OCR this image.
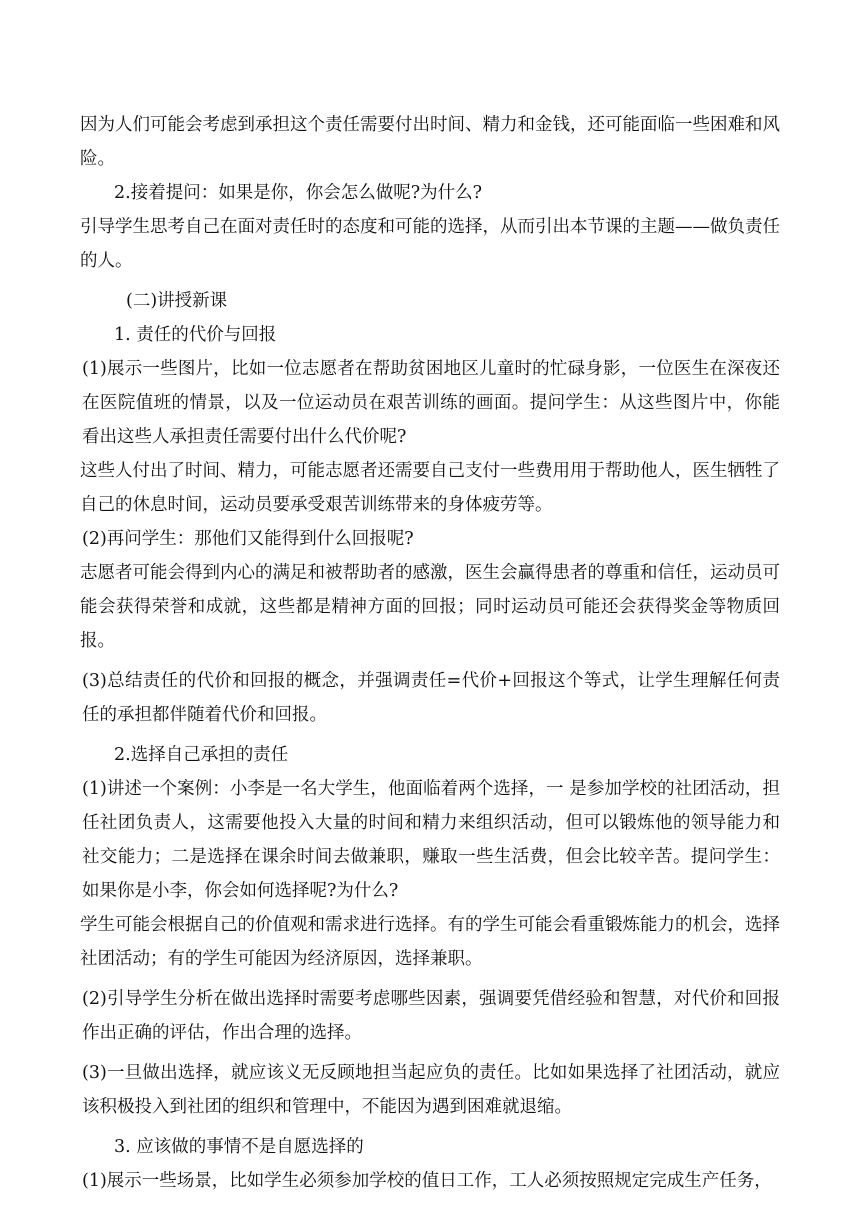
因为人们可能会考虑到承担这个责任需要付出时间、精力和金钱，还可能面临一些困难和风险。

2.接着提问：如果是你，你会怎么做呢?为什么?

引导学生思考自己在面对责任时的态度和可能的选择，从而引出本节课的主题——做负责任的人。

(二)讲授新课

1. 责任的代价与回报

(1)展示一些图片，比如一位志愿者在帮助贫困地区儿童时的忙碌身影，一位医生在深夜还在医院值班的情景，以及一位运动员在艰苦训练的画面。提问学生：从这些图片中，你能看出这些人承担责任需要付出什么代价呢?

这些人付出了时间、精力，可能志愿者还需要自己支付一些费用用于帮助他人，医生牺牲了自己的休息时间，运动员要承受艰苦训练带来的身体疲劳等。

(2)再问学生：那他们又能得到什么回报呢?

志愿者可能会得到内心的满足和被帮助者的感激，医生会赢得患者的尊重和信任，运动员可能会获得荣誉和成就，这些都是精神方面的回报；同时运动员可能还会获得奖金等物质回报。

(3)总结责任的代价和回报的概念，并强调责任=代价+回报这个等式，让学生理解任何责任的承担都伴随着代价和回报。

2.选择自己承担的责任

(1)讲述一个案例：小李是一名大学生，他面临着两个选择，一 是参加学校的社团活动，担任社团负责人，这需要他投入大量的时间和精力来组织活动，但可以锻炼他的领导能力和社交能力；二是选择在课余时间去做兼职，赚取一些生活费，但会比较辛苦。提问学生：如果你是小李，你会如何选择呢?为什么?

学生可能会根据自己的价值观和需求进行选择。有的学生可能会看重锻炼能力的机会，选择社团活动；有的学生可能因为经济原因，选择兼职。

(2)引导学生分析在做出选择时需要考虑哪些因素，强调要凭借经验和智慧，对代价和回报作出正确的评估，作出合理的选择。

(3)一旦做出选择，就应该义无反顾地担当起应负的责任。比如如果选择了社团活动，就应该积极投入到社团的组织和管理中，不能因为遇到困难就退缩。

3. 应该做的事情不是自愿选择的

(1)展示一些场景，比如学生必须参加学校的值日工作，工人必须按照规定完成生产任务，
